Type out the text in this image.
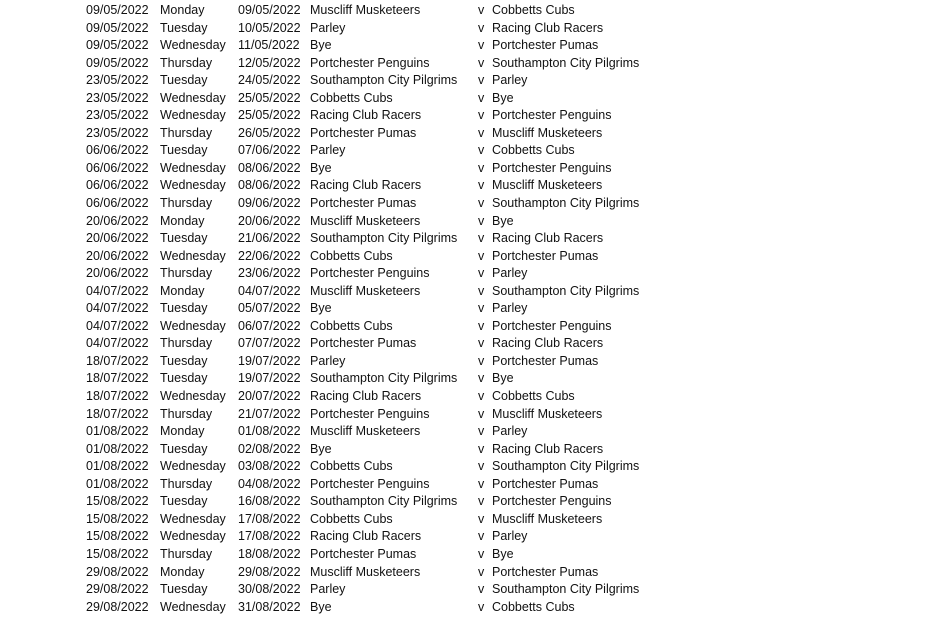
09/05/2022 Monday	09/05/2022 Muscliff Musketeers	v Cobbetts Cubs
09/05/2022 Tuesday 10/05/2022 Parley	v Racing Club Racers
09/05/2022 Wednesday 11/05/2022 Bye	v Portchester Pumas
09/05/2022 Thursday 12/05/2022 Portchester Penguins	v Southampton City Pilgrims
23/05/2022 Tuesday 24/05/2022 Southampton City Pilgrims v Parley
23/05/2022 Wednesday 25/05/2022 Cobbetts Cubs	v Bye
23/05/2022 Wednesday 25/05/2022 Racing Club Racers	v Portchester Penguins
23/05/2022 Thursday 26/05/2022 Portchester Pumas	v Muscliff Musketeers
06/06/2022 Tuesday 07/06/2022 Parley	v Cobbetts Cubs
06/06/2022 Wednesday 08/06/2022 Bye	v Portchester Penguins
06/06/2022 Wednesday 08/06/2022 Racing Club Racers	v Muscliff Musketeers
06/06/2022 Thursday 09/06/2022 Portchester Pumas	v Southampton City Pilgrims
20/06/2022 Monday	20/06/2022 Muscliff Musketeers	v Bye
20/06/2022 Tuesday 21/06/2022 Southampton City Pilgrims v Racing Club Racers
20/06/2022 Wednesday 22/06/2022 Cobbetts Cubs	v Portchester Pumas
20/06/2022 Thursday 23/06/2022 Portchester Penguins	v Parley
04/07/2022 Monday	04/07/2022 Muscliff Musketeers	v Southampton City Pilgrims
04/07/2022 Tuesday 05/07/2022 Bye	v Parley
04/07/2022 Wednesday 06/07/2022 Cobbetts Cubs	v Portchester Penguins
04/07/2022 Thursday 07/07/2022 Portchester Pumas	v Racing Club Racers
18/07/2022 Tuesday 19/07/2022 Parley	v Portchester Pumas
18/07/2022 Tuesday 19/07/2022 Southampton City Pilgrims v Bye
18/07/2022 Wednesday 20/07/2022 Racing Club Racers	v Cobbetts Cubs
18/07/2022 Thursday 21/07/2022 Portchester Penguins	v Muscliff Musketeers
01/08/2022 Monday	01/08/2022 Muscliff Musketeers	v Parley
01/08/2022 Tuesday 02/08/2022 Bye	v Racing Club Racers
01/08/2022 Wednesday 03/08/2022 Cobbetts Cubs	v Southampton City Pilgrims
01/08/2022 Thursday 04/08/2022 Portchester Penguins	v Portchester Pumas
15/08/2022 Tuesday 16/08/2022 Southampton City Pilgrims v Portchester Penguins
15/08/2022 Wednesday 17/08/2022 Cobbetts Cubs	v Muscliff Musketeers
15/08/2022 Wednesday 17/08/2022 Racing Club Racers	v Parley
15/08/2022 Thursday 18/08/2022 Portchester Pumas	v Bye
29/08/2022 Monday	29/08/2022 Muscliff Musketeers	v Portchester Pumas
29/08/2022 Tuesday 30/08/2022 Parley	v Southampton City Pilgrims
29/08/2022 Wednesday 31/08/2022 Bye	v Cobbetts Cubs
